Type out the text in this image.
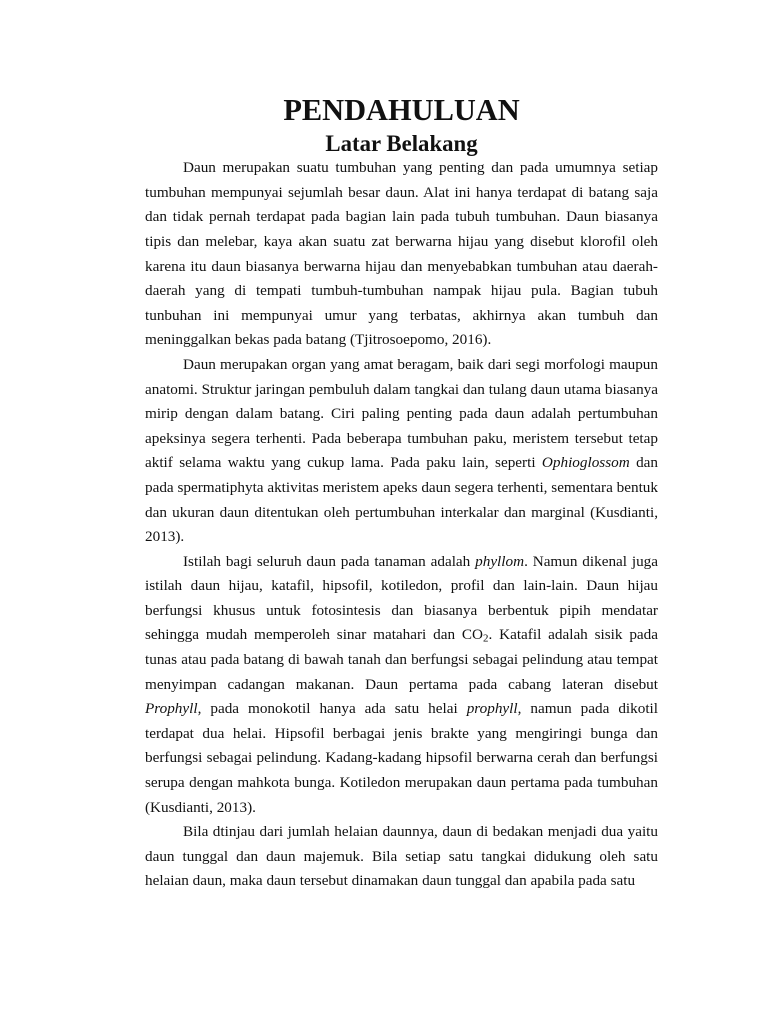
PENDAHULUAN
Latar Belakang

Daun merupakan suatu tumbuhan yang penting dan pada umumnya setiap tumbuhan mempunyai sejumlah besar daun. Alat ini hanya terdapat di batang saja dan tidak pernah terdapat pada bagian lain pada tubuh tumbuhan. Daun biasanya tipis dan melebar, kaya akan suatu zat berwarna hijau yang disebut klorofil oleh karena itu daun biasanya berwarna hijau dan menyebabkan tumbuhan atau daerah-daerah yang di tempati tumbuh-tumbuhan nampak hijau pula. Bagian tubuh tunbuhan ini mempunyai umur yang terbatas, akhirnya akan tumbuh dan meninggalkan bekas pada batang (Tjitrosoepomo, 2016).

Daun merupakan organ yang amat beragam, baik dari segi morfologi maupun anatomi. Struktur jaringan pembuluh dalam tangkai dan tulang daun utama biasanya mirip dengan dalam batang. Ciri paling penting pada daun adalah pertumbuhan apeksinya segera terhenti. Pada beberapa tumbuhan paku, meristem tersebut tetap aktif selama waktu yang cukup lama. Pada paku lain, seperti Ophioglossom dan pada spermatiphyta aktivitas meristem apeks daun segera terhenti, sementara bentuk dan ukuran daun ditentukan oleh pertumbuhan interkalar dan marginal (Kusdianti, 2013).

Istilah bagi seluruh daun pada tanaman adalah phyllom. Namun dikenal juga istilah daun hijau, katafil, hipsofil, kotiledon, profil dan lain-lain. Daun hijau berfungsi khusus untuk fotosintesis dan biasanya berbentuk pipih mendatar sehingga mudah memperoleh sinar matahari dan $CO_2$. Katafil adalah sisik pada tunas atau pada batang di bawah tanah dan berfungsi sebagai pelindung atau tempat menyimpan cadangan makanan. Daun pertama pada cabang lateran disebut Prophyll, pada monokotil hanya ada satu helai prophyll, namun pada dikotil terdapat dua helai. Hipsofil berbagai jenis brakte yang mengiringi bunga dan berfungsi sebagai pelindung. Kadang-kadang hipsofil berwarna cerah dan berfungsi serupa dengan mahkota bunga. Kotiledon merupakan daun pertama pada tumbuhan (Kusdianti, 2013).

Bila dtinjau dari jumlah helaian daunnya, daun di bedakan menjadi dua yaitu daun tunggal dan daun majemuk. Bila setiap satu tangkai didukung oleh satu helaian daun, maka daun tersebut dinamakan daun tunggal dan apabila pada satu
